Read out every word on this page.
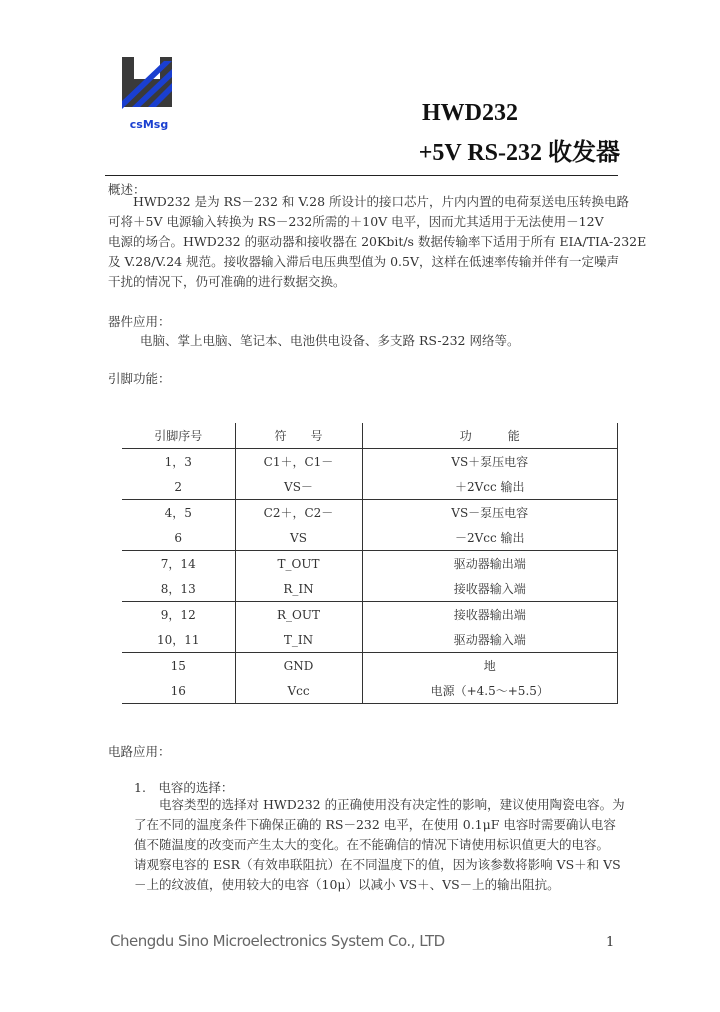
csMsg	HWD232
+5V RS-232 收发器
概述：
　　HWD232 是为 RS－232 和 V.28 所设计的接口芯片，片内内置的电荷泵送电压转换电路
可将＋5V 电源输入转换为 RS－232所需的＋10V 电平，因而尤其适用于无法使用－12V
电源的场合。HWD232 的驱动器和接收器在 20Kbit/s 数据传输率下适用于所有 EIA/TIA-232E
及 V.28/V.24 规范。接收器输入滞后电压典型值为 0.5V，这样在低速率传输并伴有一定噪声
干扰的情况下，仍可准确的进行数据交换。
器件应用：
电脑、掌上电脑、笔记本、电池供电设备、多支路 RS-232 网络等。
引脚功能：
引脚序号	符　　号	功　　　能
1，3	C1＋，C1－	VS＋泵压电容
2	VS－	＋2Vcc 输出
4，5	C2＋，C2－	VS－泵压电容
6	VS	－2Vcc 输出
7，14	T_OUT	驱动器输出端
8，13	R_IN	接收器输入端
9，12	R_OUT	接收器输出端
10，11	T_IN	驱动器输入端
15	GND	地
16	Vcc	电源（+4.5～+5.5）
电路应用：
1.　电容的选择：
　　电容类型的选择对 HWD232 的正确使用没有决定性的影响，建议使用陶瓷电容。为
了在不同的温度条件下确保正确的 RS－232 电平，在使用 0.1μF 电容时需要确认电容
值不随温度的改变而产生太大的变化。在不能确信的情况下请使用标识值更大的电容。
请观察电容的 ESR（有效串联阻抗）在不同温度下的值，因为该参数将影响 VS＋和 VS
－上的纹波值，使用较大的电容（10μ）以减小 VS＋、VS－上的输出阻抗。
Chengdu Sino Microelectronics System Co., LTD	1
